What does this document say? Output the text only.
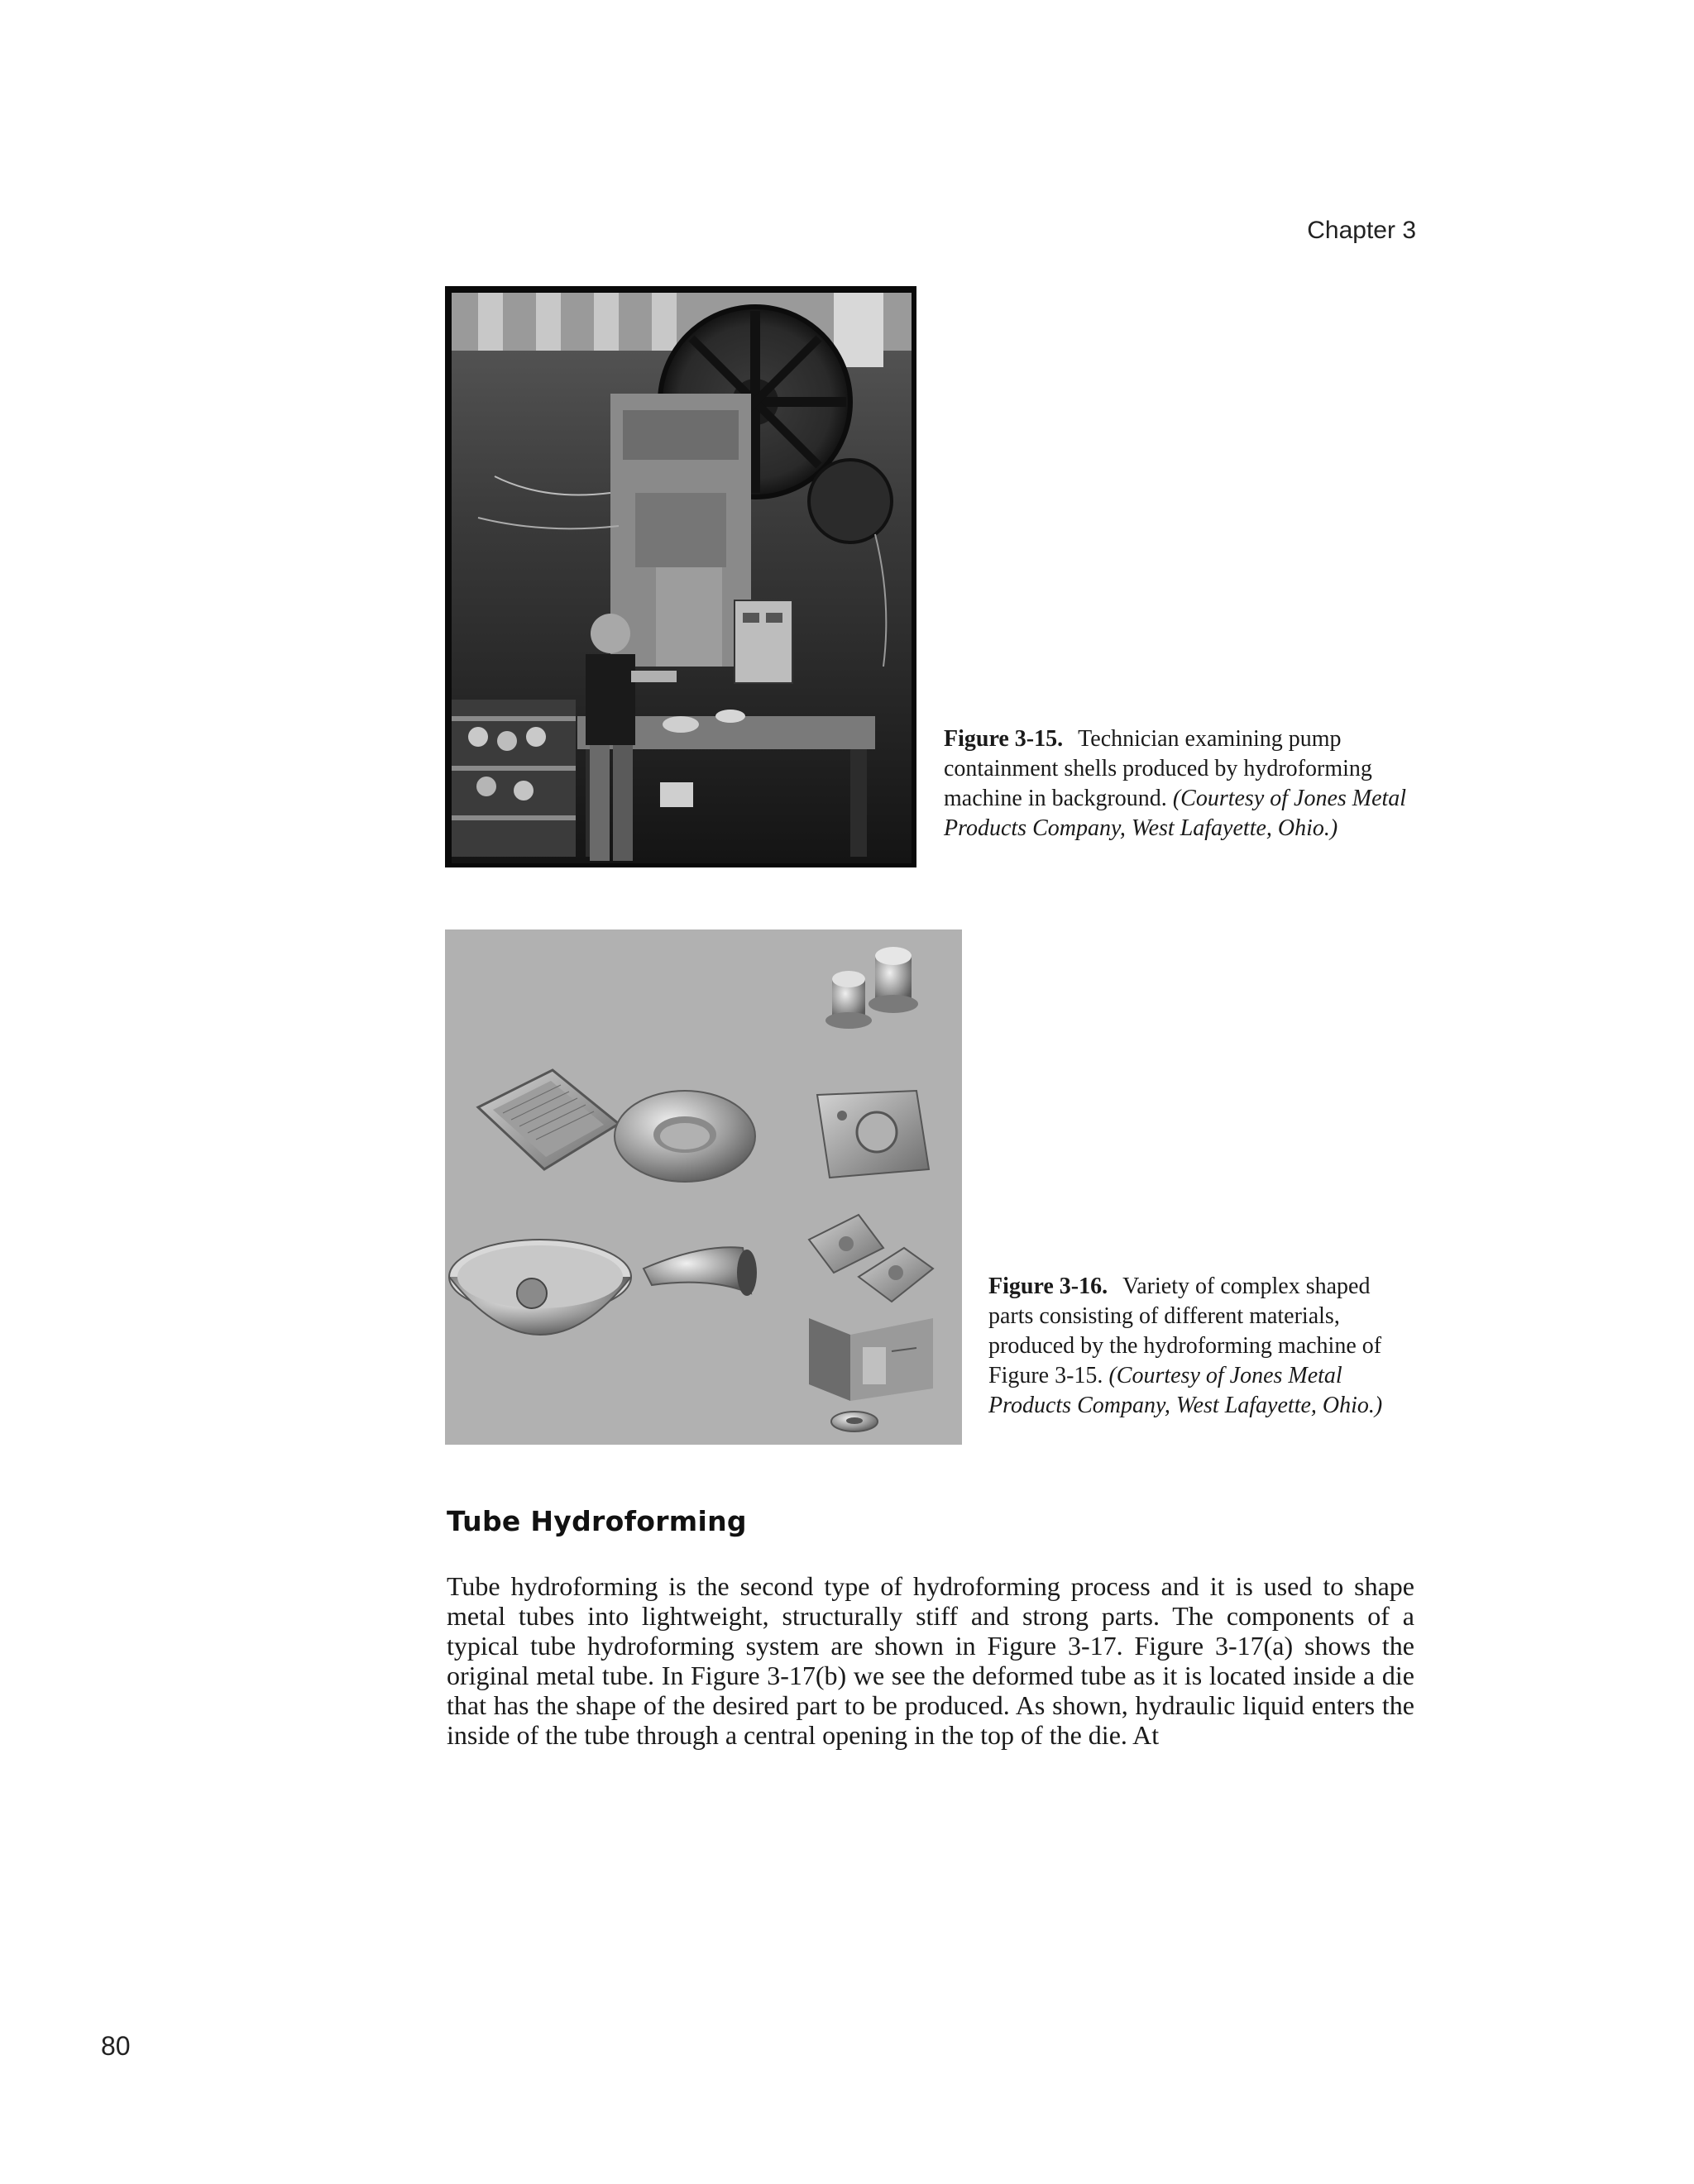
Chapter 3
Figure 3-15. Technician examining pump containment shells produced by hydroforming machine in background. (Courtesy of Jones Metal Products Company, West Lafayette, Ohio.)
Figure 3-16. Variety of complex shaped parts consisting of different materials, produced by the hydroforming machine of Figure 3-15. (Courtesy of Jones Metal Products Company, West Lafayette, Ohio.)
Tube Hydroforming

Tube hydroforming is the second type of hydroforming process and it is used to shape metal tubes into lightweight, structurally stiff and strong parts. The components of a typical tube hydroforming system are shown in Figure 3-17. Figure 3-17(a) shows the original metal tube. In Figure 3-17(b) we see the deformed tube as it is located inside a die that has the shape of the desired part to be produced. As shown, hydraulic liquid enters the inside of the tube through a central opening in the top of the die. At

80
